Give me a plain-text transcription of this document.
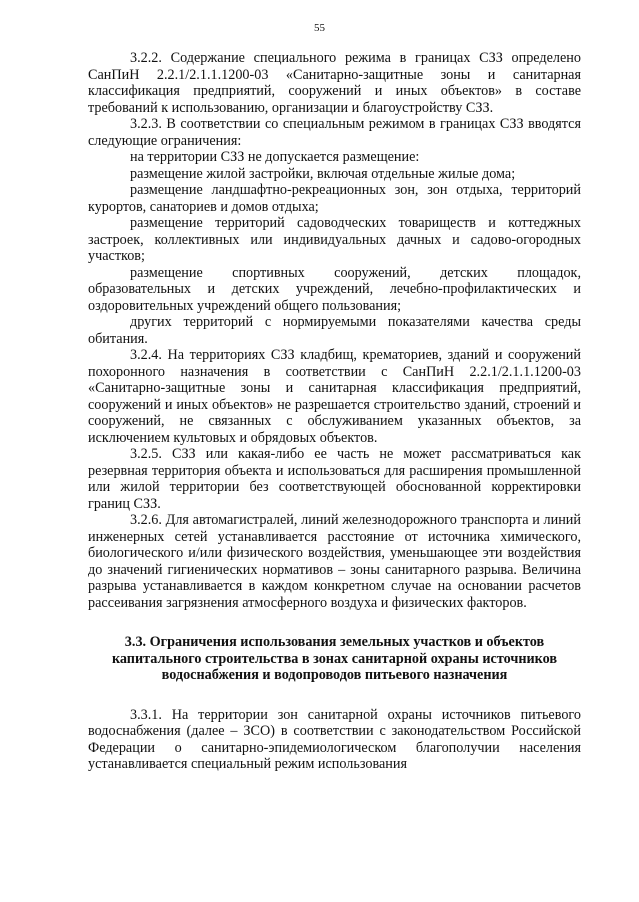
55

3.2.2. Содержание специального режима в границах СЗЗ определено СанПиН 2.2.1/2.1.1.1200-03 «Санитарно-защитные зоны и санитарная классификация предприятий, сооружений и иных объектов» в составе требований к использованию, организации и благоустройству СЗЗ.

3.2.3. В соответствии со специальным режимом в границах СЗЗ вводятся следующие ограничения:

на территории СЗЗ не допускается размещение:

размещение жилой застройки, включая отдельные жилые дома;

размещение ландшафтно-рекреационных зон, зон отдыха, территорий курортов, санаториев и домов отдыха;

размещение территорий садоводческих товариществ и коттеджных застроек, коллективных или индивидуальных дачных и садово-огородных участков;

размещение спортивных сооружений, детских площадок, образовательных и детских учреждений, лечебно-профилактических и оздоровительных учреждений общего пользования;

других территорий с нормируемыми показателями качества среды обитания.

3.2.4. На территориях СЗЗ кладбищ, крематориев, зданий и сооружений похоронного назначения в соответствии с СанПиН 2.2.1/2.1.1.1200-03 «Санитарно-защитные зоны и санитарная классификация предприятий, сооружений и иных объектов» не разрешается строительство зданий, строений и сооружений, не связанных с обслуживанием указанных объектов, за исключением культовых и обрядовых объектов.

3.2.5. СЗЗ или какая-либо ее часть не может рассматриваться как резервная территория объекта и использоваться для расширения промышленной или жилой территории без соответствующей обоснованной корректировки границ СЗЗ.

3.2.6. Для автомагистралей, линий железнодорожного транспорта и линий инженерных сетей устанавливается расстояние от источника химического, биологического и/или физического воздействия, уменьшающее эти воздействия до значений гигиенических нормативов – зоны санитарного разрыва. Величина разрыва устанавливается в каждом конкретном случае на основании расчетов рассеивания загрязнения атмосферного воздуха и физических факторов.

3.3. Ограничения использования земельных участков и объектов капитального строительства в зонах санитарной охраны источников водоснабжения и водопроводов питьевого назначения

3.3.1. На территории зон санитарной охраны источников питьевого водоснабжения (далее – ЗСО) в соответствии с законодательством Российской Федерации о санитарно-эпидемиологическом благополучии населения устанавливается специальный режим использования
